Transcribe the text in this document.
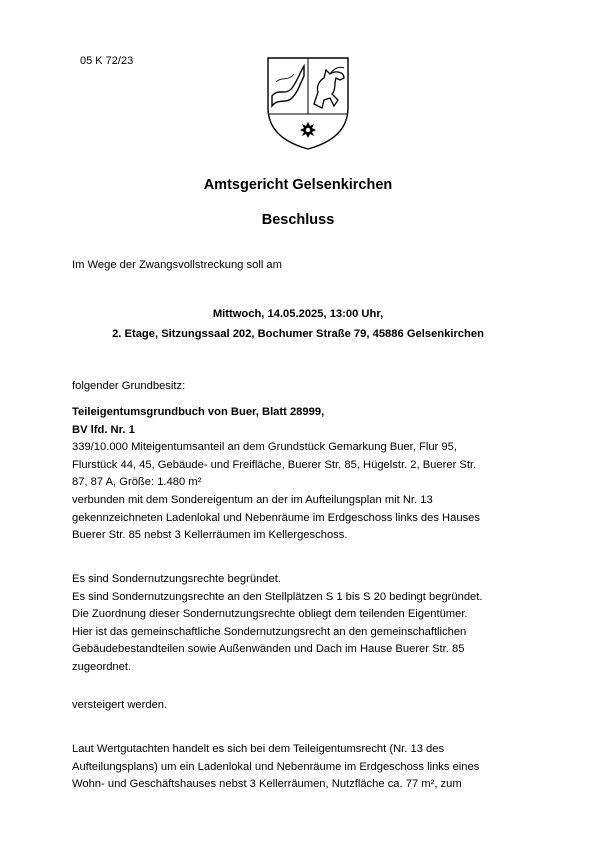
05 K 72/23
Amtsgericht Gelsenkirchen
Beschluss
Im Wege der Zwangsvollstreckung soll am
Mittwoch, 14.05.2025, 13:00 Uhr,
2. Etage, Sitzungssaal 202, Bochumer Straße 79, 45886 Gelsenkirchen
folgender Grundbesitz:
Teileigentumsgrundbuch von Buer, Blatt 28999,
BV lfd. Nr. 1
339/10.000 Miteigentumsanteil an dem Grundstück Gemarkung Buer, Flur 95,
Flurstück 44, 45, Gebäude- und Freifläche, Buerer Str. 85, Hügelstr. 2, Buerer Str.
87, 87 A, Größe: 1.480 m²
verbunden mit dem Sondereigentum an der im Aufteilungsplan mit Nr. 13
gekennzeichneten Ladenlokal und Nebenräume im Erdgeschoss links des Hauses
Buerer Str. 85 nebst 3 Kellerräumen im Kellergeschoss.
Es sind Sondernutzungsrechte begründet.
Es sind Sondernutzungsrechte an den Stellplätzen S 1 bis S 20 bedingt begründet.
Die Zuordnung dieser Sondernutzungsrechte obliegt dem teilenden Eigentümer.
Hier ist das gemeinschaftliche Sondernutzungsrecht an den gemeinschaftlichen
Gebäudebestandteilen sowie Außenwänden und Dach im Hause Buerer Str. 85
zugeordnet.
versteigert werden.
Laut Wertgutachten handelt es sich bei dem Teileigentumsrecht (Nr. 13 des
Aufteilungsplans) um ein Ladenlokal und Nebenräume im Erdgeschoss links eines
Wohn- und Geschäftshauses nebst 3 Kellerräumen, Nutzfläche ca. 77 m², zum
